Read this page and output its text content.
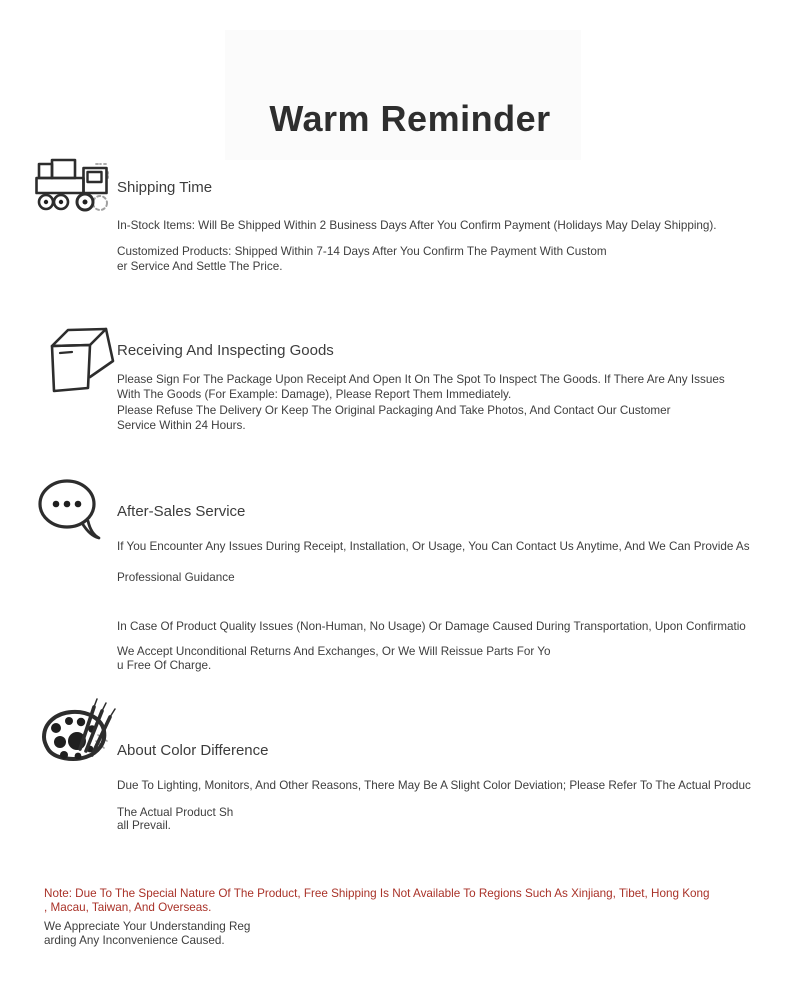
Warm Reminder
Shipping Time
In-Stock Items: Will Be Shipped Within 2 Business Days After You Confirm Payment (Holidays May Delay Shipping).
Customized Products: Shipped Within 7-14 Days After You Confirm The Payment With Custom
er Service And Settle The Price.
Receiving And Inspecting Goods
Please Sign For The Package Upon Receipt And Open It On The Spot To Inspect The Goods. If There Are Any Issues
With The Goods (For Example: Damage), Please Report Them Immediately.
Please Refuse The Delivery Or Keep The Original Packaging And Take Photos, And Contact Our Customer
Service Within 24 Hours.
After-Sales Service
If You Encounter Any Issues During Receipt, Installation, Or Usage, You Can Contact Us Anytime, And We Can Provide As
Professional Guidance
In Case Of Product Quality Issues (Non-Human, No Usage) Or Damage Caused During Transportation, Upon Confirmatio
We Accept Unconditional Returns And Exchanges, Or We Will Reissue Parts For Yo
u Free Of Charge.
About Color Difference
Due To Lighting, Monitors, And Other Reasons, There May Be A Slight Color Deviation; Please Refer To The Actual Produc
The Actual Product Sh
all Prevail.
Note: Due To The Special Nature Of The Product, Free Shipping Is Not Available To Regions Such As Xinjiang, Tibet, Hong Kong
, Macau, Taiwan, And Overseas.
We Appreciate Your Understanding Reg
arding Any Inconvenience Caused.
